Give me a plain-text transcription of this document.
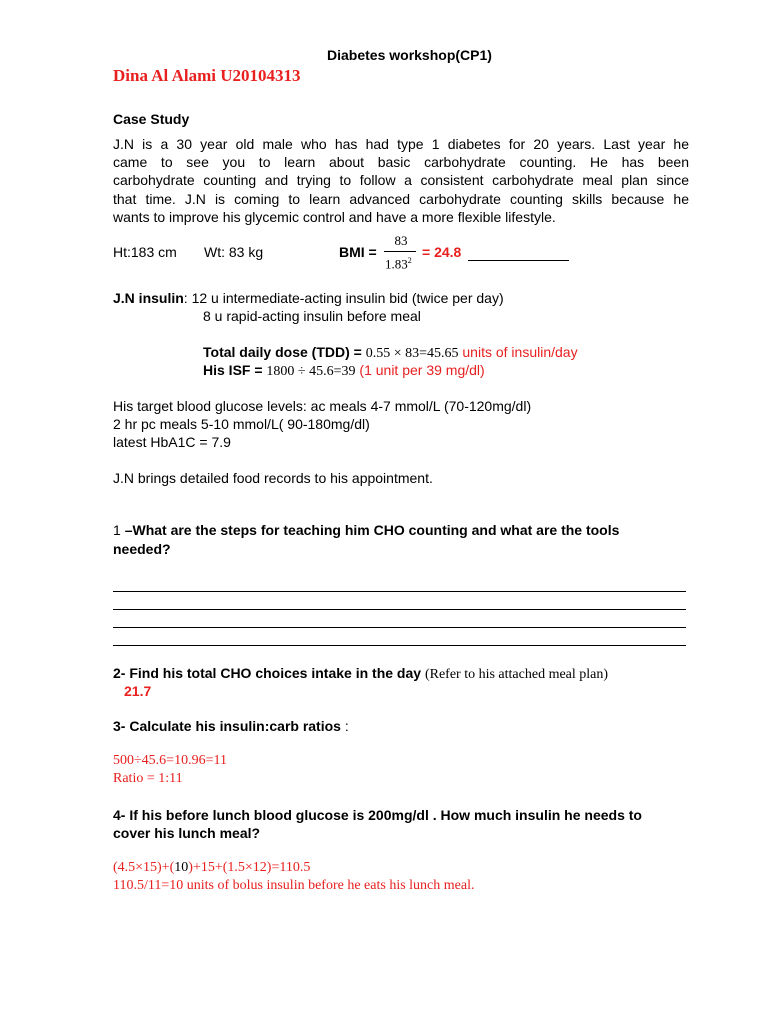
Diabetes workshop(CP1)
Dina Al Alami U20104313
Case Study
J.N is a 30 year old male who has had type 1 diabetes for 20 years. Last year he
came to see you to learn about basic carbohydrate counting. He has been
carbohydrate counting and trying to follow a consistent carbohydrate meal plan since
that time. J.N is coming to learn advanced carbohydrate counting skills because he
wants to improve his glycemic control and have a more flexible lifestyle.
Ht:183 cm Wt: 83 kg	BMI =
83
$1.83^2$
= 24.8
J.N insulin: 12 u intermediate-acting insulin bid (twice per day)
8 u rapid-acting insulin before meal
Total daily dose (TDD) = 0.55 × 83=45.65 units of insulin/day
His ISF = 1800 ÷ 45.6=39 (1 unit per 39 mg/dl)
His target blood glucose levels: ac meals 4-7 mmol/L (70-120mg/dl)
2 hr pc meals 5-10 mmol/L( 90-180mg/dl)
latest HbA1C = 7.9
J.N brings detailed food records to his appointment.
1 –What are the steps for teaching him CHO counting and what are the tools
needed?
2- Find his total CHO choices intake in the day (Refer to his attached meal plan)
21.7
3- Calculate his insulin:carb ratios :
500÷45.6=10.96=11
Ratio = 1:11
4- If his before lunch blood glucose is 200mg/dl . How much insulin he needs to
cover his lunch meal?
(4.5×15)+(10)+15+(1.5×12)=110.5
110.5/11=10 units of bolus insulin before he eats his lunch meal.
